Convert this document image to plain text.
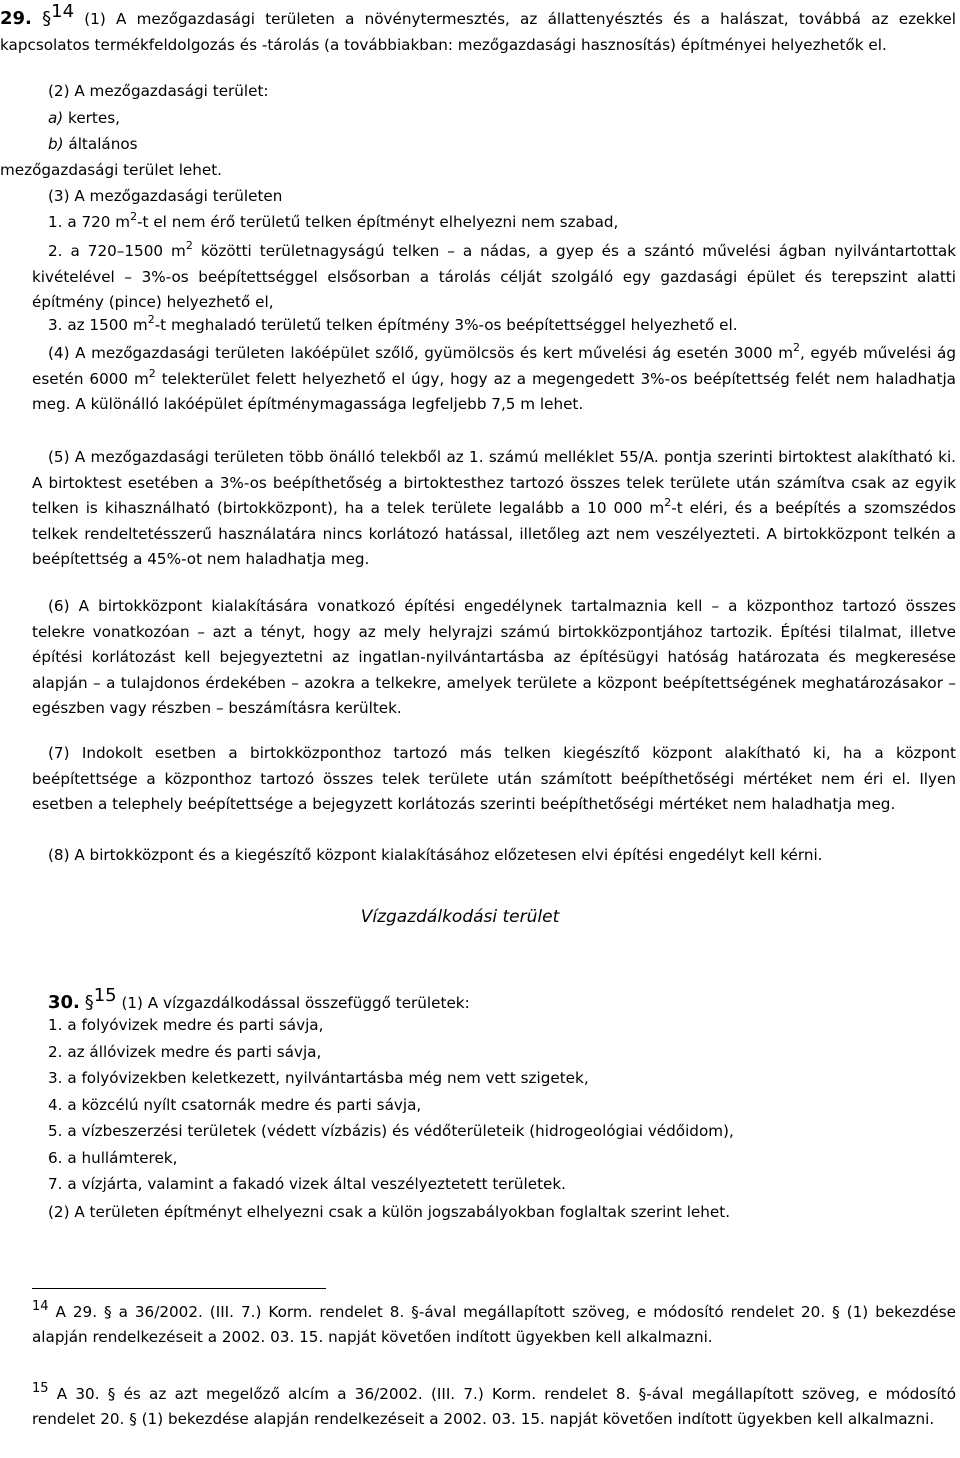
29. §$^{14}$ (1) A mezőgazdasági területen a növénytermesztés, az állattenyésztés és a halászat, továbbá az ezekkel kapcsolatos termékfeldolgozás és -tárolás (a továbbiakban: mezőgazdasági hasznosítás) építményei helyezhetők el.

(2) A mezőgazdasági terület:

a) kertes,

b) általános

mezőgazdasági terület lehet.

(3) A mezőgazdasági területen

1. a 720 $m^2-t$ el nem érő területű telken építményt elhelyezni nem szabad,

2. a 720–1500 $m^2$ közötti területnagyságú telken – a nádas, a gyep és a szántó művelési ágban nyilvántartottak kivételével – 3%-os beépítettséggel elsősorban a tárolás célját szolgáló egy gazdasági épület és terepszint alatti építmény (pince) helyezhető el,

3. az 1500 $m^2-t$ meghaladó területű telken építmény 3%-os beépítettséggel helyezhető el.

(4) A mezőgazdasági területen lakóépület szőlő, gyümölcsös és kert művelési ág esetén 3000 $m^2$, egyéb művelési ág esetén 6000 $m^2$ telekterület felett helyezhető el úgy, hogy az a megengedett 3%-os beépítettség felét nem haladhatja meg. A különálló lakóépület építménymagassága legfeljebb 7,5 m lehet.

(5) A mezőgazdasági területen több önálló telekből az 1. számú melléklet 55/A. pontja szerinti birtoktest alakítható ki. A birtoktest esetében a 3%-os beépíthetőség a birtoktesthez tartozó összes telek területe után számítva csak az egyik telken is kihasználható (birtokközpont), ha a telek területe legalább a 10 000 $m^2-t$ eléri, és a beépítés a szomszédos telkek rendeltetésszerű használatára nincs korlátozó hatással, illetőleg azt nem veszélyezteti. A birtokközpont telkén a beépítettség a 45%-ot nem haladhatja meg.

(6) A birtokközpont kialakítására vonatkozó építési engedélynek tartalmaznia kell – a központhoz tartozó összes telekre vonatkozóan – azt a tényt, hogy az mely helyrajzi számú birtokközpontjához tartozik. Építési tilalmat, illetve építési korlátozást kell bejegyeztetni az ingatlan-nyilvántartásba az építésügyi hatóság határozata és megkeresése alapján – a tulajdonos érdekében – azokra a telkekre, amelyek területe a központ beépítettségének meghatározásakor – egészben vagy részben – beszámításra kerültek.

(7) Indokolt esetben a birtokközponthoz tartozó más telken kiegészítő központ alakítható ki, ha a központ beépítettsége a központhoz tartozó összes telek területe után számított beépíthetőségi mértéket nem éri el. Ilyen esetben a telephely beépítettsége a bejegyzett korlátozás szerinti beépíthetőségi mértéket nem haladhatja meg.

(8) A birtokközpont és a kiegészítő központ kialakításához előzetesen elvi építési engedélyt kell kérni.

Vízgazdálkodási terület

30. §$^{15}$ (1) A vízgazdálkodással összefüggő területek:

1. a folyóvizek medre és parti sávja,

2. az állóvizek medre és parti sávja,

3. a folyóvizekben keletkezett, nyilvántartásba még nem vett szigetek,

4. a közcélú nyílt csatornák medre és parti sávja,

5. a vízbeszerzési területek (védett vízbázis) és védőterületeik (hidrogeológiai védőidom),

6. a hullámterek,

7. a vízjárta, valamint a fakadó vizek által veszélyeztetett területek.

(2) A területen építményt elhelyezni csak a külön jogszabályokban foglaltak szerint lehet.

$^{14}$ A 29. § a 36/2002. (III. 7.) Korm. rendelet 8. §-ával megállapított szöveg, e módosító rendelet 20. § (1) bekezdése alapján rendelkezéseit a 2002. 03. 15. napját követően indított ügyekben kell alkalmazni.

$^{15}$ A 30. § és az azt megelőző alcím a 36/2002. (III. 7.) Korm. rendelet 8. §-ával megállapított szöveg, e módosító rendelet 20. § (1) bekezdése alapján rendelkezéseit a 2002. 03. 15. napját követően indított ügyekben kell alkalmazni.
